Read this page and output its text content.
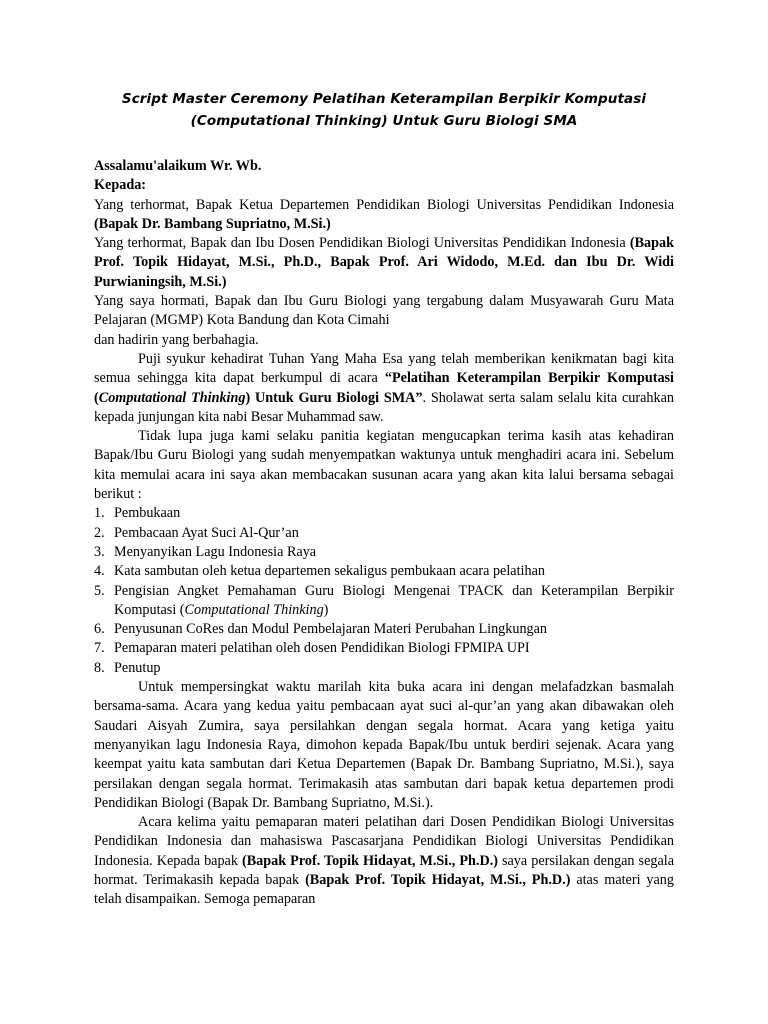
Script Master Ceremony Pelatihan Keterampilan Berpikir Komputasi
(Computational Thinking) Untuk Guru Biologi SMA

Assalamu'alaikum Wr. Wb.

Kepada:

Yang terhormat, Bapak Ketua Departemen Pendidikan Biologi Universitas Pendidikan Indonesia (Bapak Dr. Bambang Supriatno, M.Si.)

Yang terhormat, Bapak dan Ibu Dosen Pendidikan Biologi Universitas Pendidikan Indonesia (Bapak Prof. Topik Hidayat, M.Si., Ph.D., Bapak Prof. Ari Widodo, M.Ed. dan Ibu Dr. Widi Purwianingsih, M.Si.)

Yang saya hormati, Bapak dan Ibu Guru Biologi yang tergabung dalam Musyawarah Guru Mata Pelajaran (MGMP) Kota Bandung dan Kota Cimahi

dan hadirin yang berbahagia.

Puji syukur kehadirat Tuhan Yang Maha Esa yang telah memberikan kenikmatan bagi kita semua sehingga kita dapat berkumpul di acara “Pelatihan Keterampilan Berpikir Komputasi (Computational Thinking) Untuk Guru Biologi SMA”. Sholawat serta salam selalu kita curahkan kepada junjungan kita nabi Besar Muhammad saw.

Tidak lupa juga kami selaku panitia kegiatan mengucapkan terima kasih atas kehadiran Bapak/Ibu Guru Biologi yang sudah menyempatkan waktunya untuk menghadiri acara ini. Sebelum kita memulai acara ini saya akan membacakan susunan acara yang akan kita lalui bersama sebagai berikut :

1. Pembukaan
2. Pembacaan Ayat Suci Al-Qur’an
3. Menyanyikan Lagu Indonesia Raya
4. Kata sambutan oleh ketua departemen sekaligus pembukaan acara pelatihan
5. Pengisian Angket Pemahaman Guru Biologi Mengenai TPACK dan Keterampilan Berpikir Komputasi (Computational Thinking)
6. Penyusunan CoRes dan Modul Pembelajaran Materi Perubahan Lingkungan
7. Pemaparan materi pelatihan oleh dosen Pendidikan Biologi FPMIPA UPI
8. Penutup

Untuk mempersingkat waktu marilah kita buka acara ini dengan melafadzkan basmalah bersama-sama. Acara yang kedua yaitu pembacaan ayat suci al-qur’an yang akan dibawakan oleh Saudari Aisyah Zumira, saya persilahkan dengan segala hormat. Acara yang ketiga yaitu menyanyikan lagu Indonesia Raya, dimohon kepada Bapak/Ibu untuk berdiri sejenak. Acara yang keempat yaitu kata sambutan dari Ketua Departemen (Bapak Dr. Bambang Supriatno, M.Si.), saya persilakan dengan segala hormat. Terimakasih atas sambutan dari bapak ketua departemen prodi Pendidikan Biologi (Bapak Dr. Bambang Supriatno, M.Si.).

Acara kelima yaitu pemaparan materi pelatihan dari Dosen Pendidikan Biologi Universitas Pendidikan Indonesia dan mahasiswa Pascasarjana Pendidikan Biologi Universitas Pendidikan Indonesia. Kepada bapak (Bapak Prof. Topik Hidayat, M.Si., Ph.D.) saya persilakan dengan segala hormat. Terimakasih kepada bapak (Bapak Prof. Topik Hidayat, M.Si., Ph.D.) atas materi yang telah disampaikan. Semoga pemaparan
